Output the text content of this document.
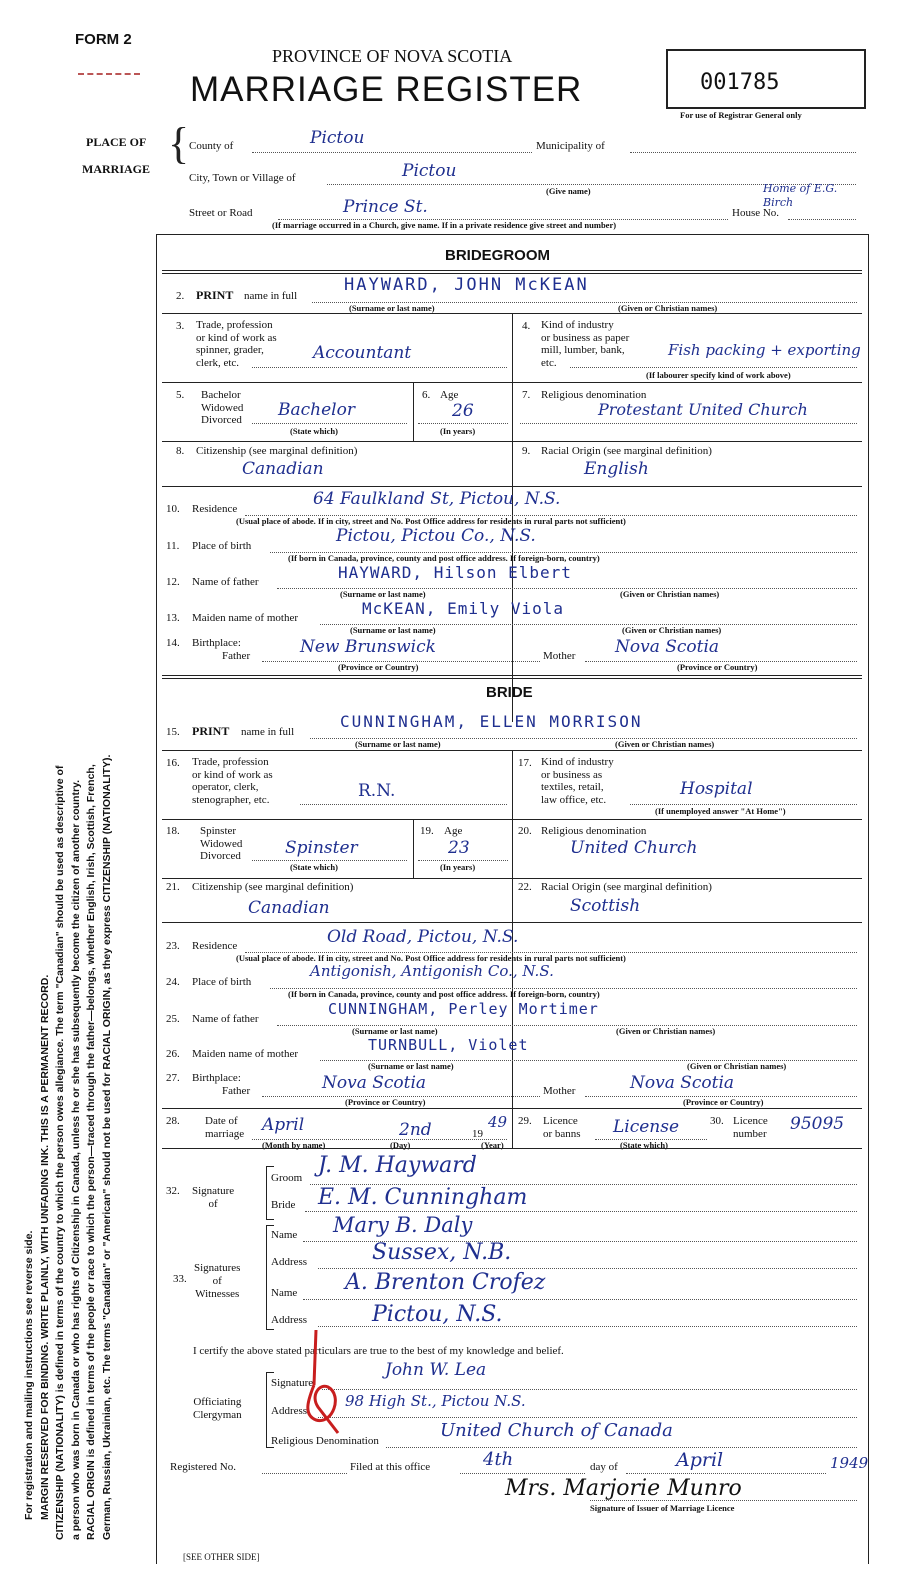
FORM 2
PROVINCE OF NOVA SCOTIA
MARRIAGE REGISTER	001785
For use of Registrar General only
For registration and mailing instructions see reverse side. MARGIN RESERVED FOR BINDING. WRITE PLAINLY, WITH UNFADING INK. THIS IS A PERMANENT RECORD. CITIZENSHIP (NATIONALITY) is defined in terms of the country to which the person owes allegiance. The term "Canadian" should be used as descriptive of a person who was born in Canada or who has rights of Citizenship in Canada, unless he or she has subsequently become the citizen of another country. RACIAL ORIGIN is defined in terms of the people or race to which the person—traced through the father—belongs, whether English, Irish, Scottish, French, German, Russian, Ukrainian, etc. The terms "Canadian" or "American" should not be used for RACIAL ORIGIN, as they express CITIZENSHIP (NATIONALITY).
PLACE OF
MARRIAGE
{ County of	Pictou	Municipality of
City, Town or Village of	Pictou
(Give name)
Street or Road	Prince St.	House No.
Home of E.G. Birch
(If marriage occurred in a Church, give name. If in a private residence give street and number)
BRIDEGROOM
2. PRINT name in full
HAYWARD, JOHN McKEAN
(Surname or last name)	(Given or Christian names)
3. Trade, profession
or kind of work as
spinner, grader,
clerk, etc.	Accountant
4. Kind of industry
or business as paper
mill, lumber, bank,
etc.
Fish packing + exporting
(If labourer specify kind of work above)
5. Bachelor
Widowed
Divorced Bachelor
(State which)
6. Age
26
(In years)
7. Religious denomination
Protestant United Church
8. Citizenship (see marginal definition)
Canadian
9. Racial Origin (see marginal definition)
English
10. Residence	64 Faulkland St, Pictou, N.S.
(Usual place of abode. If in city, street and No. Post Office address for residents in rural parts not sufficient)
11. Place of birth	Pictou, Pictou Co., N.S.
(If born in Canada, province, county and post office address. If foreign-born, country)
12. Name of father	HAYWARD, Hilson Elbert
(Surname or last name)	(Given or Christian names)
13. Maiden name of mother	McKEAN, Emily Viola
(Surname or last name)	(Given or Christian names)
14. Birthplace:
Father	New Brunswick	Mother Nova Scotia
(Province or Country)	(Province or Country)
BRIDE
15. PRINT name in full
CUNNINGHAM, ELLEN MORRISON
(Surname or last name)	(Given or Christian names)
16. Trade, profession
or kind of work as
operator, clerk,
stenographer, etc.	R.N.
17. Kind of industry
or business as
textiles, retail,
law office, etc.
Hospital
(If unemployed answer "At Home")
18. Spinster
Widowed
Divorced	Spinster
(State which)
19. Age
23
(In years)
20. Religious denomination
United Church
21. Citizenship (see marginal definition)
Canadian
22. Racial Origin (see marginal definition)
Scottish
23. Residence	Old Road, Pictou, N.S.
(Usual place of abode. If in city, street and No. Post Office address for residents in rural parts not sufficient)
24. Place of birth
Antigonish, Antigonish Co., N.S.
(If born in Canada, province, county and post office address. If foreign-born, country)
25. Name of father
CUNNINGHAM, Perley Mortimer
(Surname or last name)	(Given or Christian names)
26. Maiden name of mother	TURNBULL, Violet
(Surname or last name)	(Given or Christian names)
27. Birthplace:
Father	Nova Scotia	Mother	Nova Scotia
(Province or Country)	(Province or Country)
28. Date of
marriage April	2nd	19
49
(Month by name)	(Day)	(Year)
29. Licence
or banns License
(State which)
30. Licence
number 95095
32. Signature
of
Groom J. M. Hayward
Bride E. M. Cunningham
33.
Signatures
of
Witnesses
Name Mary B. Daly
Address	Sussex, N.B.
Name A. Brenton Crofez
Address	Pictou, N.S.
I certify the above stated particulars are true to the best of my knowledge and belief.
Officiating
Clergyman
Signature
John W. Lea
Address
98 High St., Pictou N.S.
Religious Denomination	United Church of Canada
Registered No.	Filed at this office	4th	day of	April	1949
Mrs. Marjorie Munro
Signature of Issuer of Marriage Licence
[SEE OTHER SIDE]
